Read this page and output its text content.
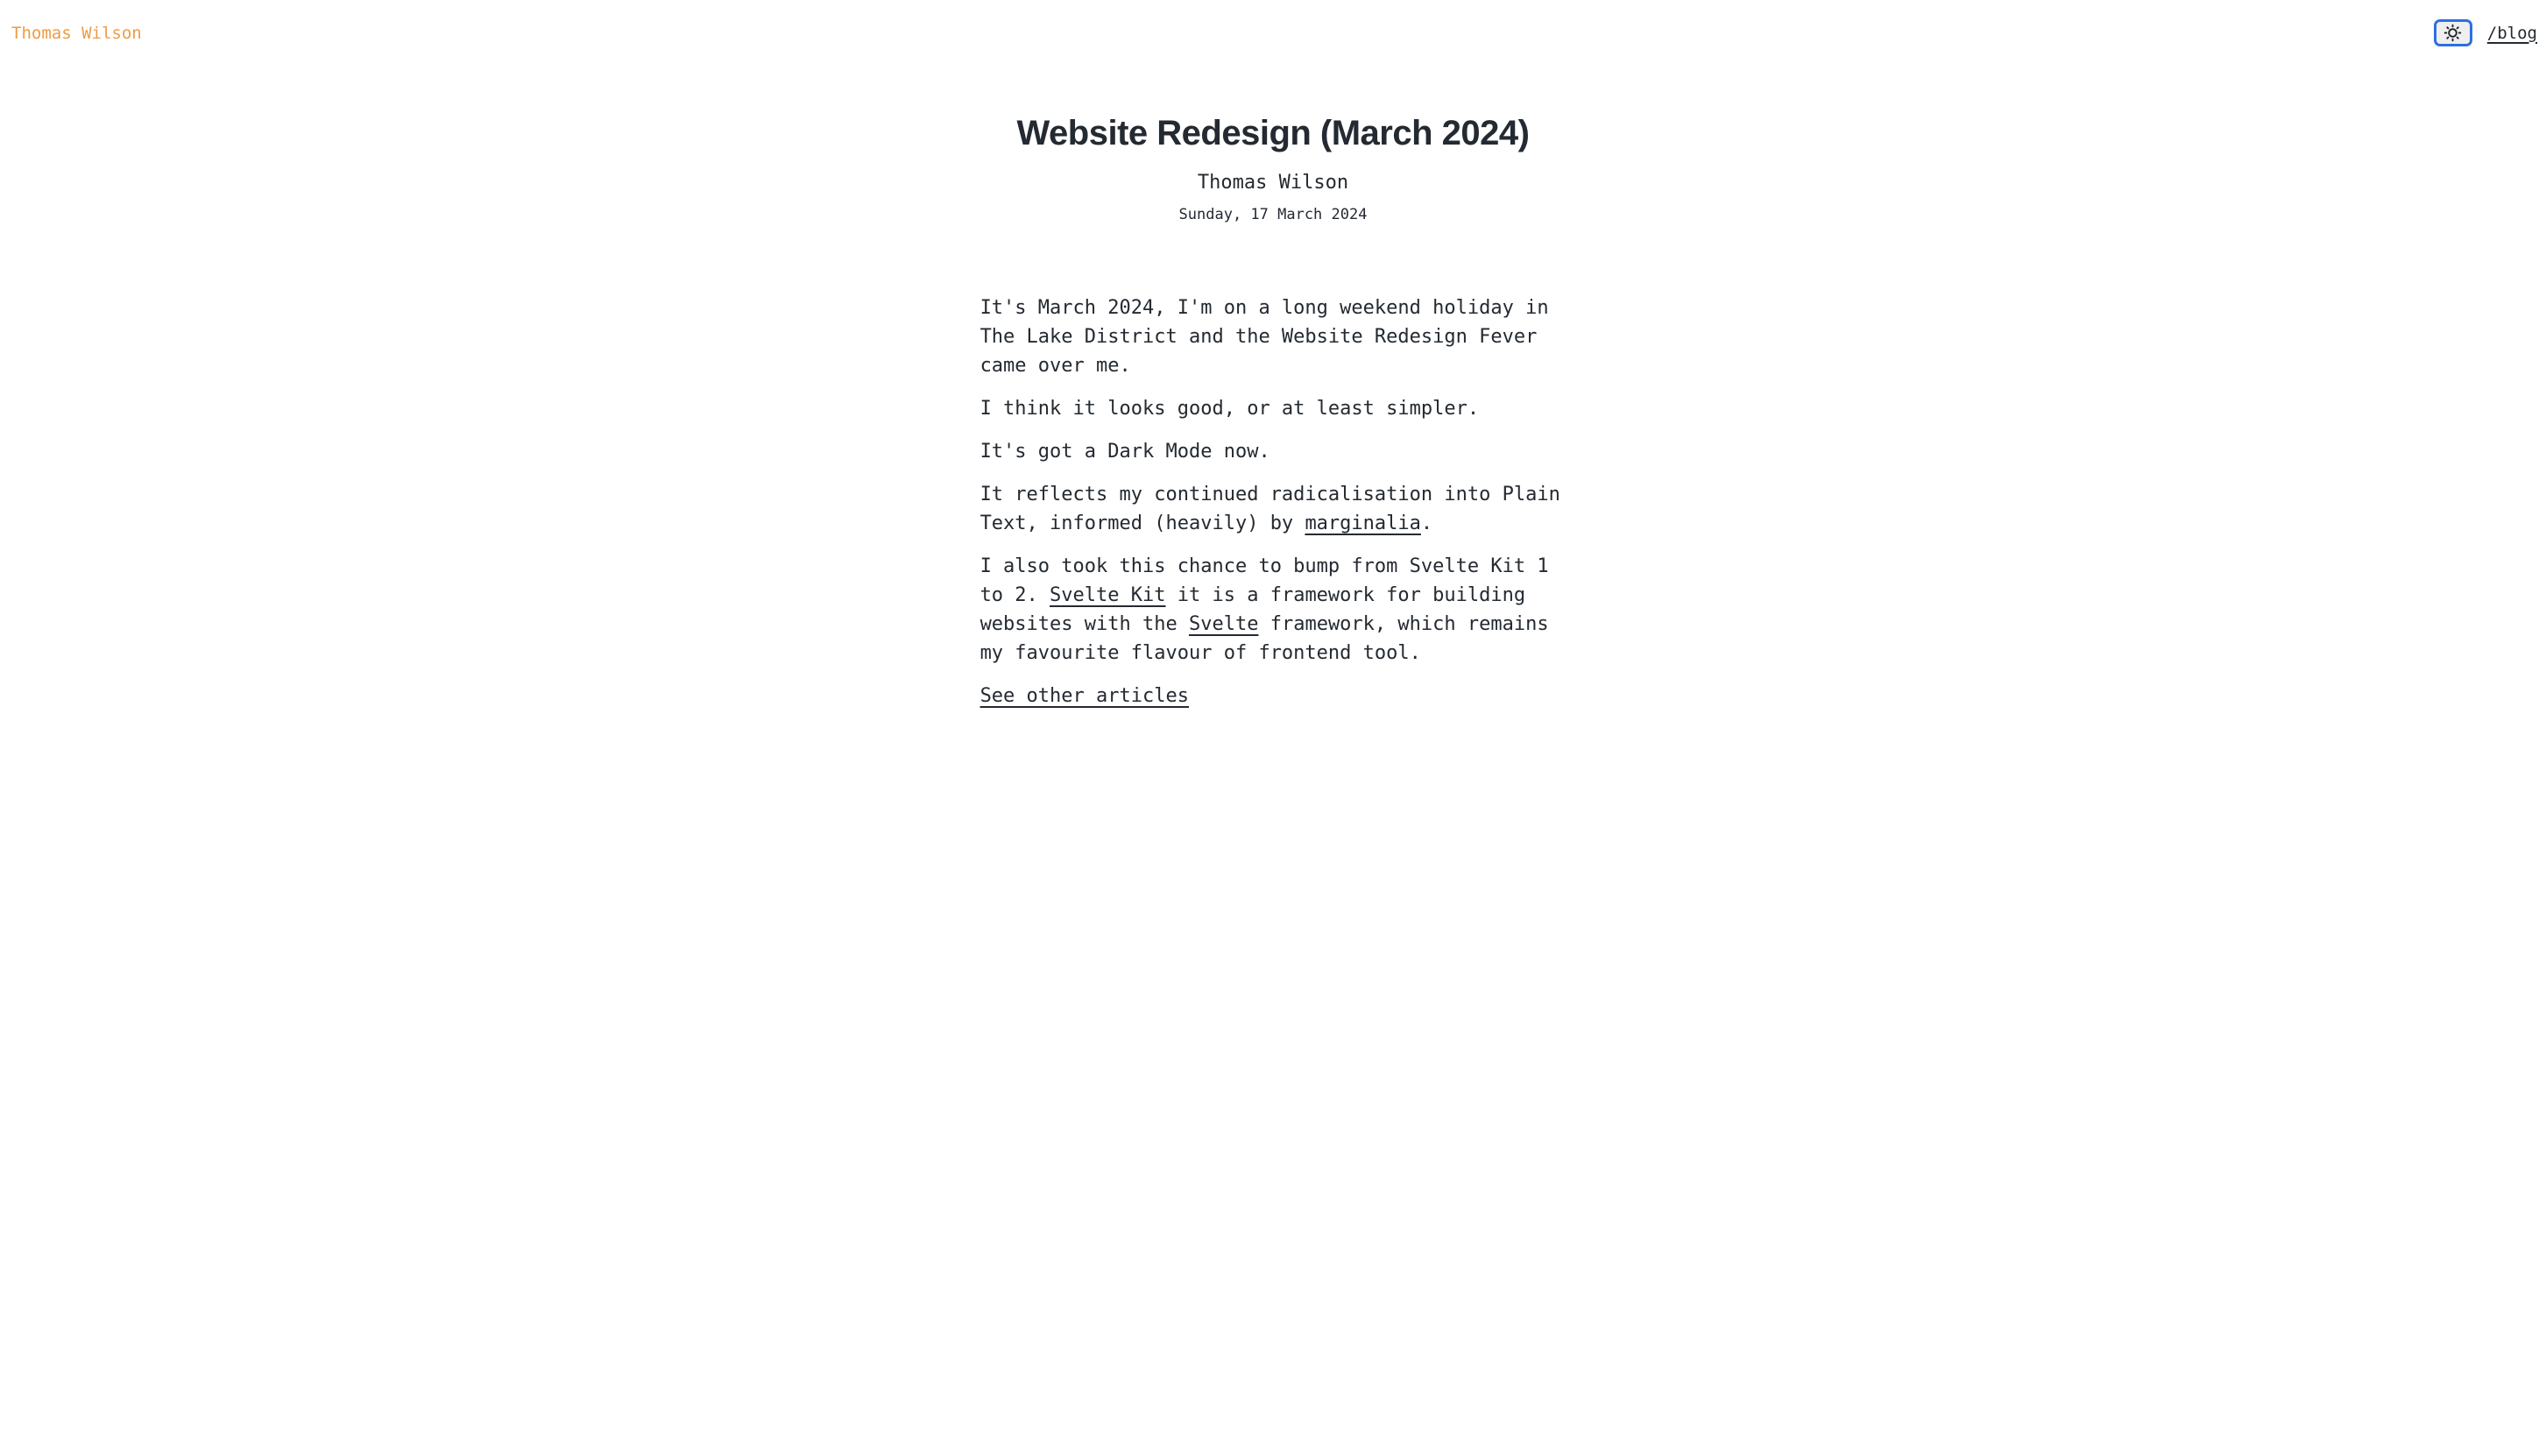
Thomas Wilson	/blog
Website Redesign (March 2024)

Thomas Wilson

Sunday, 17 March 2024

It's March 2024, I'm on a long weekend holiday in The Lake District and the Website Redesign Fever came over me.

I think it looks good, or at least simpler.

It's got a Dark Mode now.

It reflects my continued radicalisation into Plain Text, informed (heavily) by marginalia.

I also took this chance to bump from Svelte Kit 1 to 2. Svelte Kit it is a framework for building websites with the Svelte framework, which remains my favourite flavour of frontend tool.

See other articles
